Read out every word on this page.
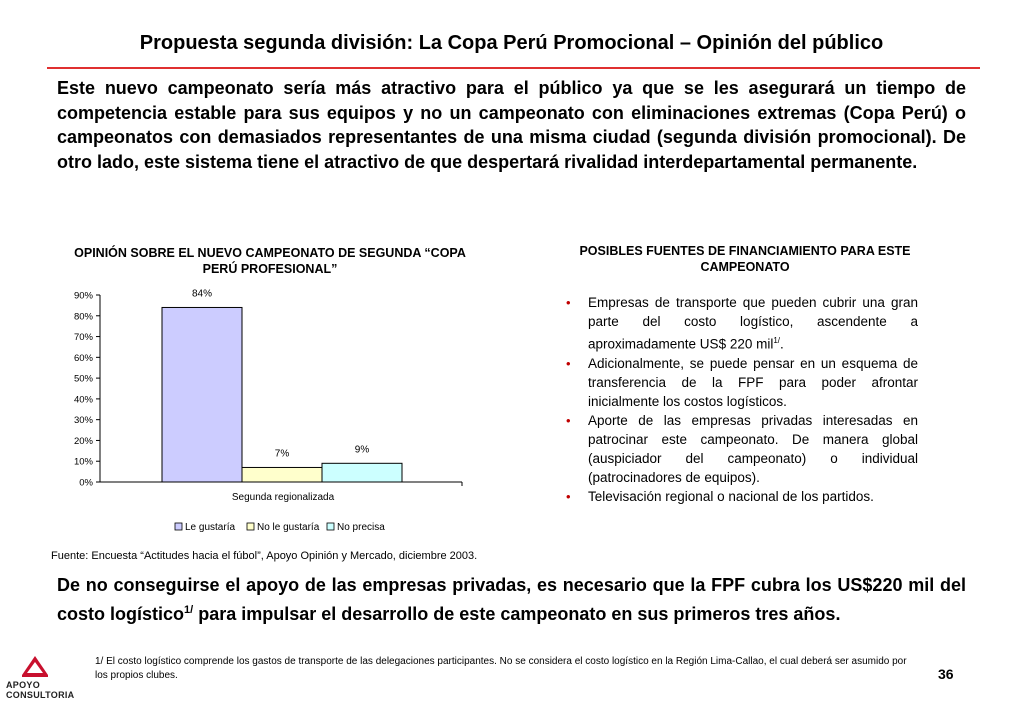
Propuesta segunda división: La Copa Perú Promocional – Opinión del público
Este nuevo campeonato sería más atractivo para el público ya que se les asegurará un tiempo de competencia estable para sus equipos y no un campeonato con eliminaciones extremas (Copa Perú) o campeonatos con demasiados representantes de una misma ciudad (segunda división promocional). De otro lado, este sistema tiene el atractivo de que despertará rivalidad interdepartamental permanente.
OPINIÓN SOBRE EL NUEVO CAMPEONATO DE SEGUNDA “COPA PERÚ PROFESIONAL”
0%
10%
20%
30%
40%
50%
60%
70%
80%
90%
Segunda regionalizada
84%
7%	9%
Le gustaría No le gustaría No precisa
Fuente: Encuesta “Actitudes hacia el fúbol”, Apoyo Opinión y Mercado, diciembre 2003.
POSIBLES FUENTES DE FINANCIAMIENTO PARA ESTE CAMPEONATO
• Empresas de transporte que pueden cubrir una gran parte del costo logístico, ascendente a aproximadamente US$ 220 mil$^{1/}$.
• Adicionalmente, se puede pensar en un esquema de transferencia de la FPF para poder afrontar inicialmente los costos logísticos.
• Aporte de las empresas privadas interesadas en patrocinar este campeonato. De manera global (auspiciador del campeonato) o individual (patrocinadores de equipos).
• Televisación regional o nacional de los partidos.
De no conseguirse el apoyo de las empresas privadas, es necesario que la FPF cubra los US$220 mil del costo logístico$^{1/}$ para impulsar el desarrollo de este campeonato en sus primeros tres años.
APOYO
CONSULTORIA
1/ El costo logístico comprende los gastos de transporte de las delegaciones participantes. No se considera el costo logístico en la Región Lima-Callao, el cual deberá ser asumido por los propios clubes.	36
